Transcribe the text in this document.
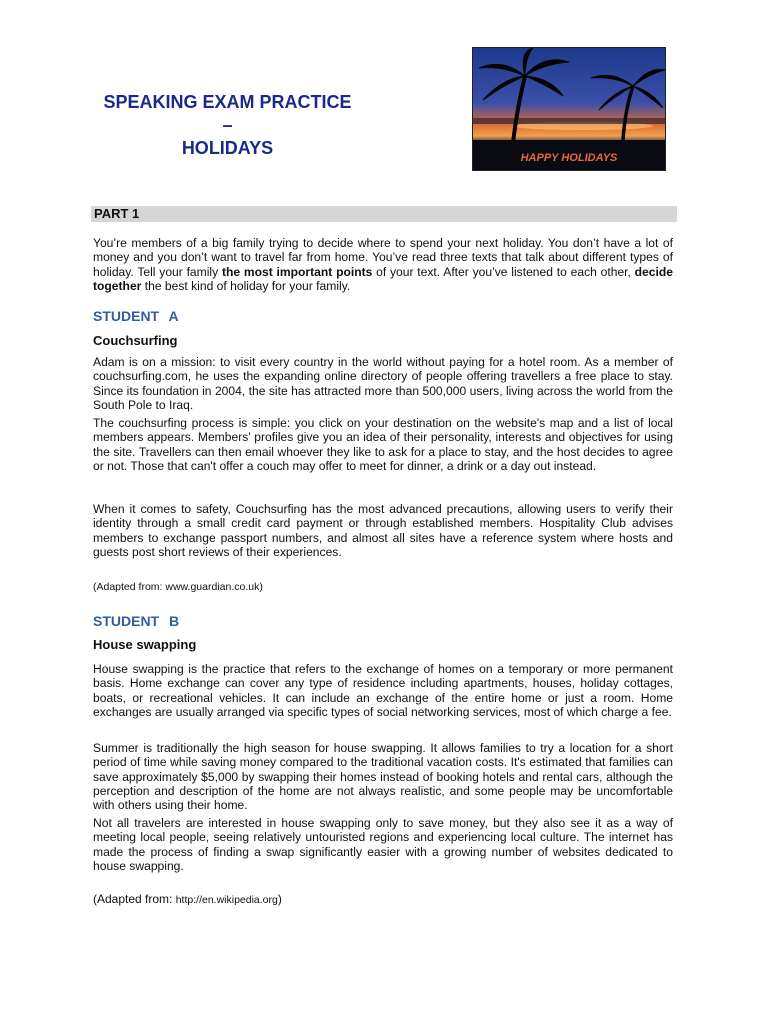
SPEAKING EXAM PRACTICE –
HOLIDAYS	HAPPY HOLIDAYS
PART 1

You’re members of a big family trying to decide where to spend your next holiday. You don’t have a lot of money and you don’t want to travel far from home. You’ve read three texts that talk about different types of holiday. Tell your family the most important points of your text. After you’ve listened to each other, decide together the best kind of holiday for your family.

STUDENT A
Couchsurfing

Adam is on a mission: to visit every country in the world without paying for a hotel room. As a member of couchsurfing.com, he uses the expanding online directory of people offering travellers a free place to stay. Since its foundation in 2004, the site has attracted more than 500,000 users, living across the world from the South Pole to Iraq.

The couchsurfing process is simple: you click on your destination on the website's map and a list of local members appears. Members' profiles give you an idea of their personality, interests and objectives for using the site. Travellers can then email whoever they like to ask for a place to stay, and the host decides to agree or not. Those that can't offer a couch may offer to meet for dinner, a drink or a day out instead.

When it comes to safety, Couchsurfing has the most advanced precautions, allowing users to verify their identity through a small credit card payment or through established members. Hospitality Club advises members to exchange passport numbers, and almost all sites have a reference system where hosts and guests post short reviews of their experiences.

(Adapted from: www.guardian.co.uk)
STUDENT B
House swapping

House swapping is the practice that refers to the exchange of homes on a temporary or more permanent basis. Home exchange can cover any type of residence including apartments, houses, holiday cottages, boats, or recreational vehicles. It can include an exchange of the entire home or just a room. Home exchanges are usually arranged via specific types of social networking services, most of which charge a fee.

Summer is traditionally the high season for house swapping. It allows families to try a location for a short period of time while saving money compared to the traditional vacation costs. It's estimated that families can save approximately $5,000 by swapping their homes instead of booking hotels and rental cars, although the perception and description of the home are not always realistic, and some people may be uncomfortable with others using their home.

Not all travelers are interested in house swapping only to save money, but they also see it as a way of meeting local people, seeing relatively untouristed regions and experiencing local culture. The internet has made the process of finding a swap significantly easier with a growing number of websites dedicated to house swapping.

(Adapted from: http://en.wikipedia.org)
